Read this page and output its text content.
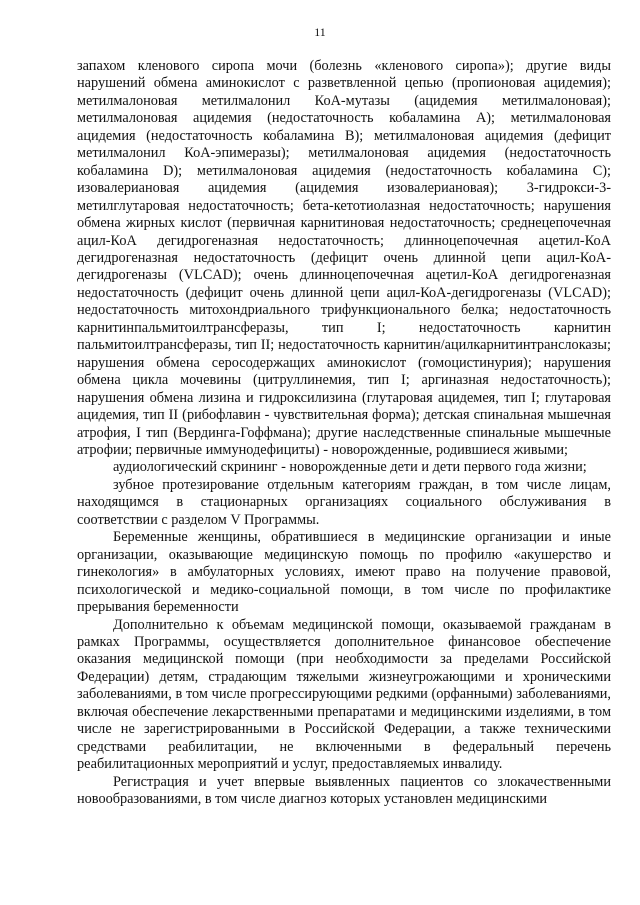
11

запахом кленового сиропа мочи (болезнь «кленового сиропа»); другие виды нарушений обмена аминокислот с разветвленной цепью (пропионовая ацидемия); метилмалоновая метилмалонил КоА-мутазы (ацидемия метилмалоновая); метилмалоновая ацидемия (недостаточность кобаламина А); метилмалоновая ацидемия (недостаточность кобаламина В); метилмалоновая ацидемия (дефицит метилмалонил КоА-эпимеразы); метилмалоновая ацидемия (недостаточность кобаламина D); метилмалоновая ацидемия (недостаточность кобаламина С); изовалериановая ацидемия (ацидемия изовалериановая); 3-гидрокси-3-метилглутаровая недостаточность; бета-кетотиолазная недостаточность; нарушения обмена жирных кислот (первичная карнитиновая недостаточность; среднецепочечная ацил-КоА дегидрогеназная недостаточность; длинноцепочечная ацетил-КоА дегидрогеназная недостаточность (дефицит очень длинной цепи ацил-КоА-дегидрогеназы (VLCAD); очень длинноцепочечная ацетил-КоА дегидрогеназная недостаточность (дефицит очень длинной цепи ацил-КоА-дегидрогеназы (VLCAD); недостаточность митохондриального трифункционального белка; недостаточность карнитинпальмитоилтрансферазы, тип I; недостаточность карнитин пальмитоилтрансферазы, тип II; недостаточность карнитин/ацилкарнитинтранслоказы; нарушения обмена серосодержащих аминокислот (гомоцистинурия); нарушения обмена цикла мочевины (цитруллинемия, тип I; аргиназная недостаточность); нарушения обмена лизина и гидроксилизина (глутаровая ацидемея, тип I; глутаровая ацидемия, тип II (рибофлавин - чувствительная форма); детская спинальная мышечная атрофия, I тип (Вердинга-Гоффмана); другие наследственные спинальные мышечные атрофии; первичные иммунодефициты) - новорожденные, родившиеся живыми;

аудиологический скрининг - новорожденные дети и дети первого года жизни;

зубное протезирование отдельным категориям граждан, в том числе лицам, находящимся в стационарных организациях социального обслуживания в соответствии с разделом V Программы.

Беременные женщины, обратившиеся в медицинские организации и иные организации, оказывающие медицинскую помощь по профилю «акушерство и гинекология» в амбулаторных условиях, имеют право на получение правовой, психологической и медико-социальной помощи, в том числе по профилактике прерывания беременности

Дополнительно к объемам медицинской помощи, оказываемой гражданам в рамках Программы, осуществляется дополнительное финансовое обеспечение оказания медицинской помощи (при необходимости за пределами Российской Федерации) детям, страдающим тяжелыми жизнеугрожающими и хроническими заболеваниями, в том числе прогрессирующими редкими (орфанными) заболеваниями, включая обеспечение лекарственными препаратами и медицинскими изделиями, в том числе не зарегистрированными в Российской Федерации, а также техническими средствами реабилитации, не включенными в федеральный перечень реабилитационных мероприятий и услуг, предоставляемых инвалиду.

Регистрация и учет впервые выявленных пациентов со злокачественными новообразованиями, в том числе диагноз которых установлен медицинскими
